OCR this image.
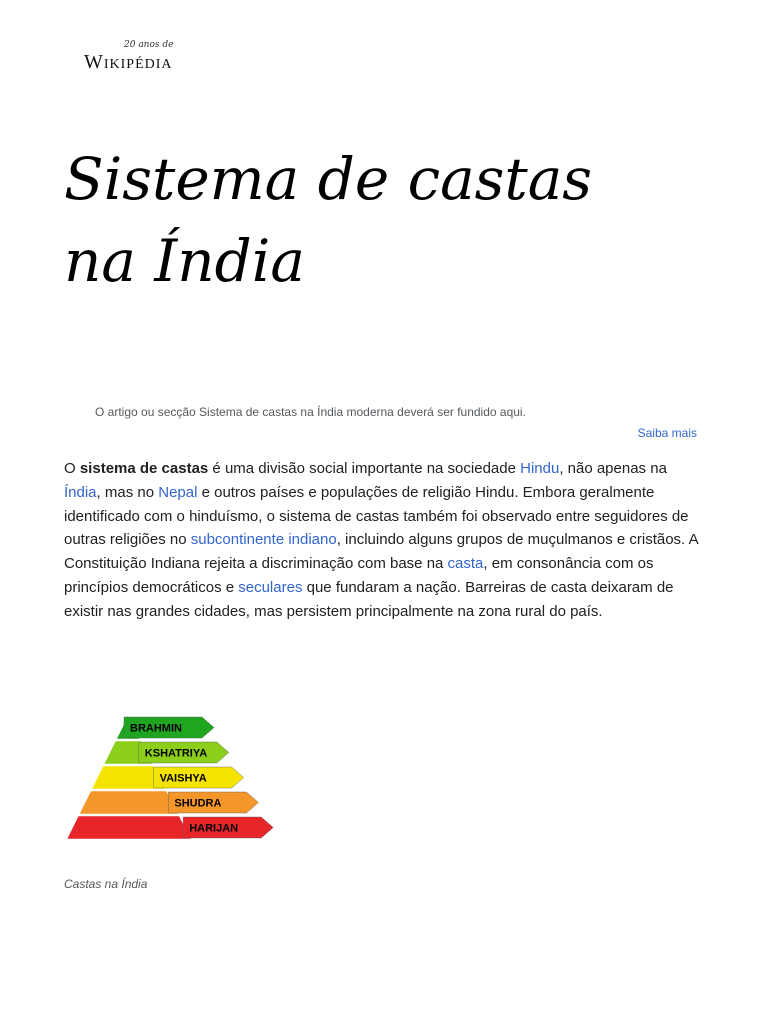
20 anos de
Wikipédia
Sistema de castas
na Índia
O artigo ou secção Sistema de castas na Índia moderna deverá ser fundido aqui.
Saiba mais

O sistema de castas é uma divisão social importante na sociedade Hindu, não apenas na Índia, mas no Nepal e outros países e populações de religião Hindu. Embora geralmente identificado com o hinduísmo, o sistema de castas também foi observado entre seguidores de outras religiões no subcontinente indiano, incluindo alguns grupos de muçulmanos e cristãos. A Constituição Indiana rejeita a discriminação com base na casta, em consonância com os princípios democráticos e seculares que fundaram a nação. Barreiras de casta deixaram de existir nas grandes cidades, mas persistem principalmente na zona rural do país.

BRAHMIN
KSHATRIYA
VAISHYA
SHUDRA
HARIJAN
Castas na Índia
